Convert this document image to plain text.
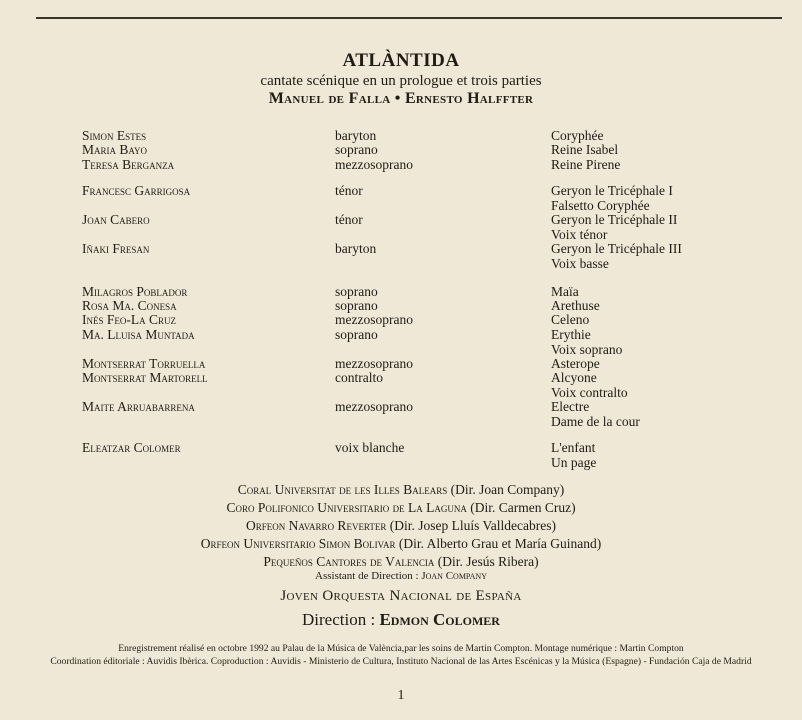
ATLÀNTIDA
cantate scénique en un prologue et trois parties
Manuel de Falla • Ernesto Halffter
Simon Estes	baryton	Coryphée
Maria Bayo	soprano	Reine Isabel
Teresa Berganza	mezzosoprano	Reine Pirene
Francesc Garrigosa	ténor	Geryon le Tricéphale I
Falsetto Coryphée
Joan Cabero	ténor	Geryon le Tricéphale II
Voix ténor
Iñaki Fresan	baryton	Geryon le Tricéphale III
Voix basse
Milagros Poblador	soprano	Maïa
Rosa Ma. Conesa	soprano	Arethuse
Inés Feo-La Cruz	mezzosoprano	Celeno
Ma. Lluisa Muntada	soprano	Erythie
Voix soprano
Montserrat Torruella	mezzosoprano	Asterope
Montserrat Martorell	contralto	Alcyone
Voix contralto
Maite Arruabarrena	mezzosoprano	Electre
Dame de la cour
Eleatzar Colomer	voix blanche	L'enfant
Un page
Coral Universitat de les Illes Balears (Dir. Joan Company)
Coro Polifonico Universitario de La Laguna (Dir. Carmen Cruz)
Orfeon Navarro Reverter (Dir. Josep Lluís Valldecabres)
Orfeon Universitario Simon Bolivar (Dir. Alberto Grau et María Guinand)
Pequeños Cantores de Valencia (Dir. Jesús Ribera)
Assistant de Direction : Joan Company
Joven Orquesta Nacional de España
Direction : Edmon Colomer
Enregistrement réalisé en octobre 1992 au Palau de la Música de València,par les soins de Martin Compton. Montage numérique : Martin Compton
Coordination éditoriale : Auvidis Ibèrica. Coproduction : Auvidis - Ministerio de Cultura, Instituto Nacional de las Artes Escénicas y la Música (Espagne) - Fundación Caja de Madrid
1
